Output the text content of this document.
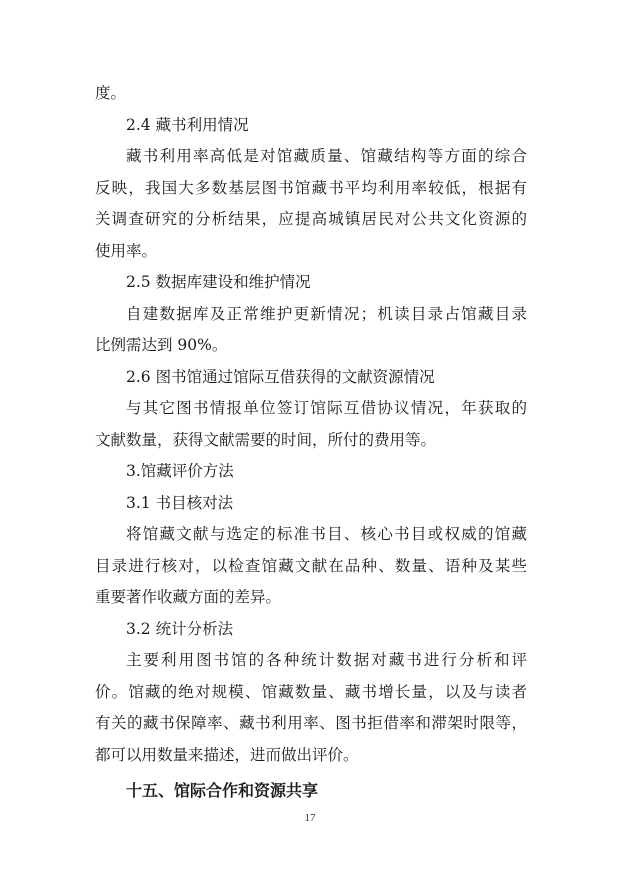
度。
2.4 藏书利用情况
藏书利用率高低是对馆藏质量、馆藏结构等方面的综合
反映，我国大多数基层图书馆藏书平均利用率较低，根据有
关调查研究的分析结果，应提高城镇居民对公共文化资源的
使用率。
2.5 数据库建设和维护情况
自建数据库及正常维护更新情况；机读目录占馆藏目录
比例需达到 90%。
2.6 图书馆通过馆际互借获得的文献资源情况
与其它图书情报单位签订馆际互借协议情况，年获取的
文献数量，获得文献需要的时间，所付的费用等。
3.馆藏评价方法
3.1 书目核对法
将馆藏文献与选定的标准书目、核心书目或权威的馆藏
目录进行核对，以检查馆藏文献在品种、数量、语种及某些
重要著作收藏方面的差异。
3.2 统计分析法
主要利用图书馆的各种统计数据对藏书进行分析和评
价。馆藏的绝对规模、馆藏数量、藏书增长量，以及与读者
有关的藏书保障率、藏书利用率、图书拒借率和滞架时限等，
都可以用数量来描述，进而做出评价。
十五、馆际合作和资源共享
17
